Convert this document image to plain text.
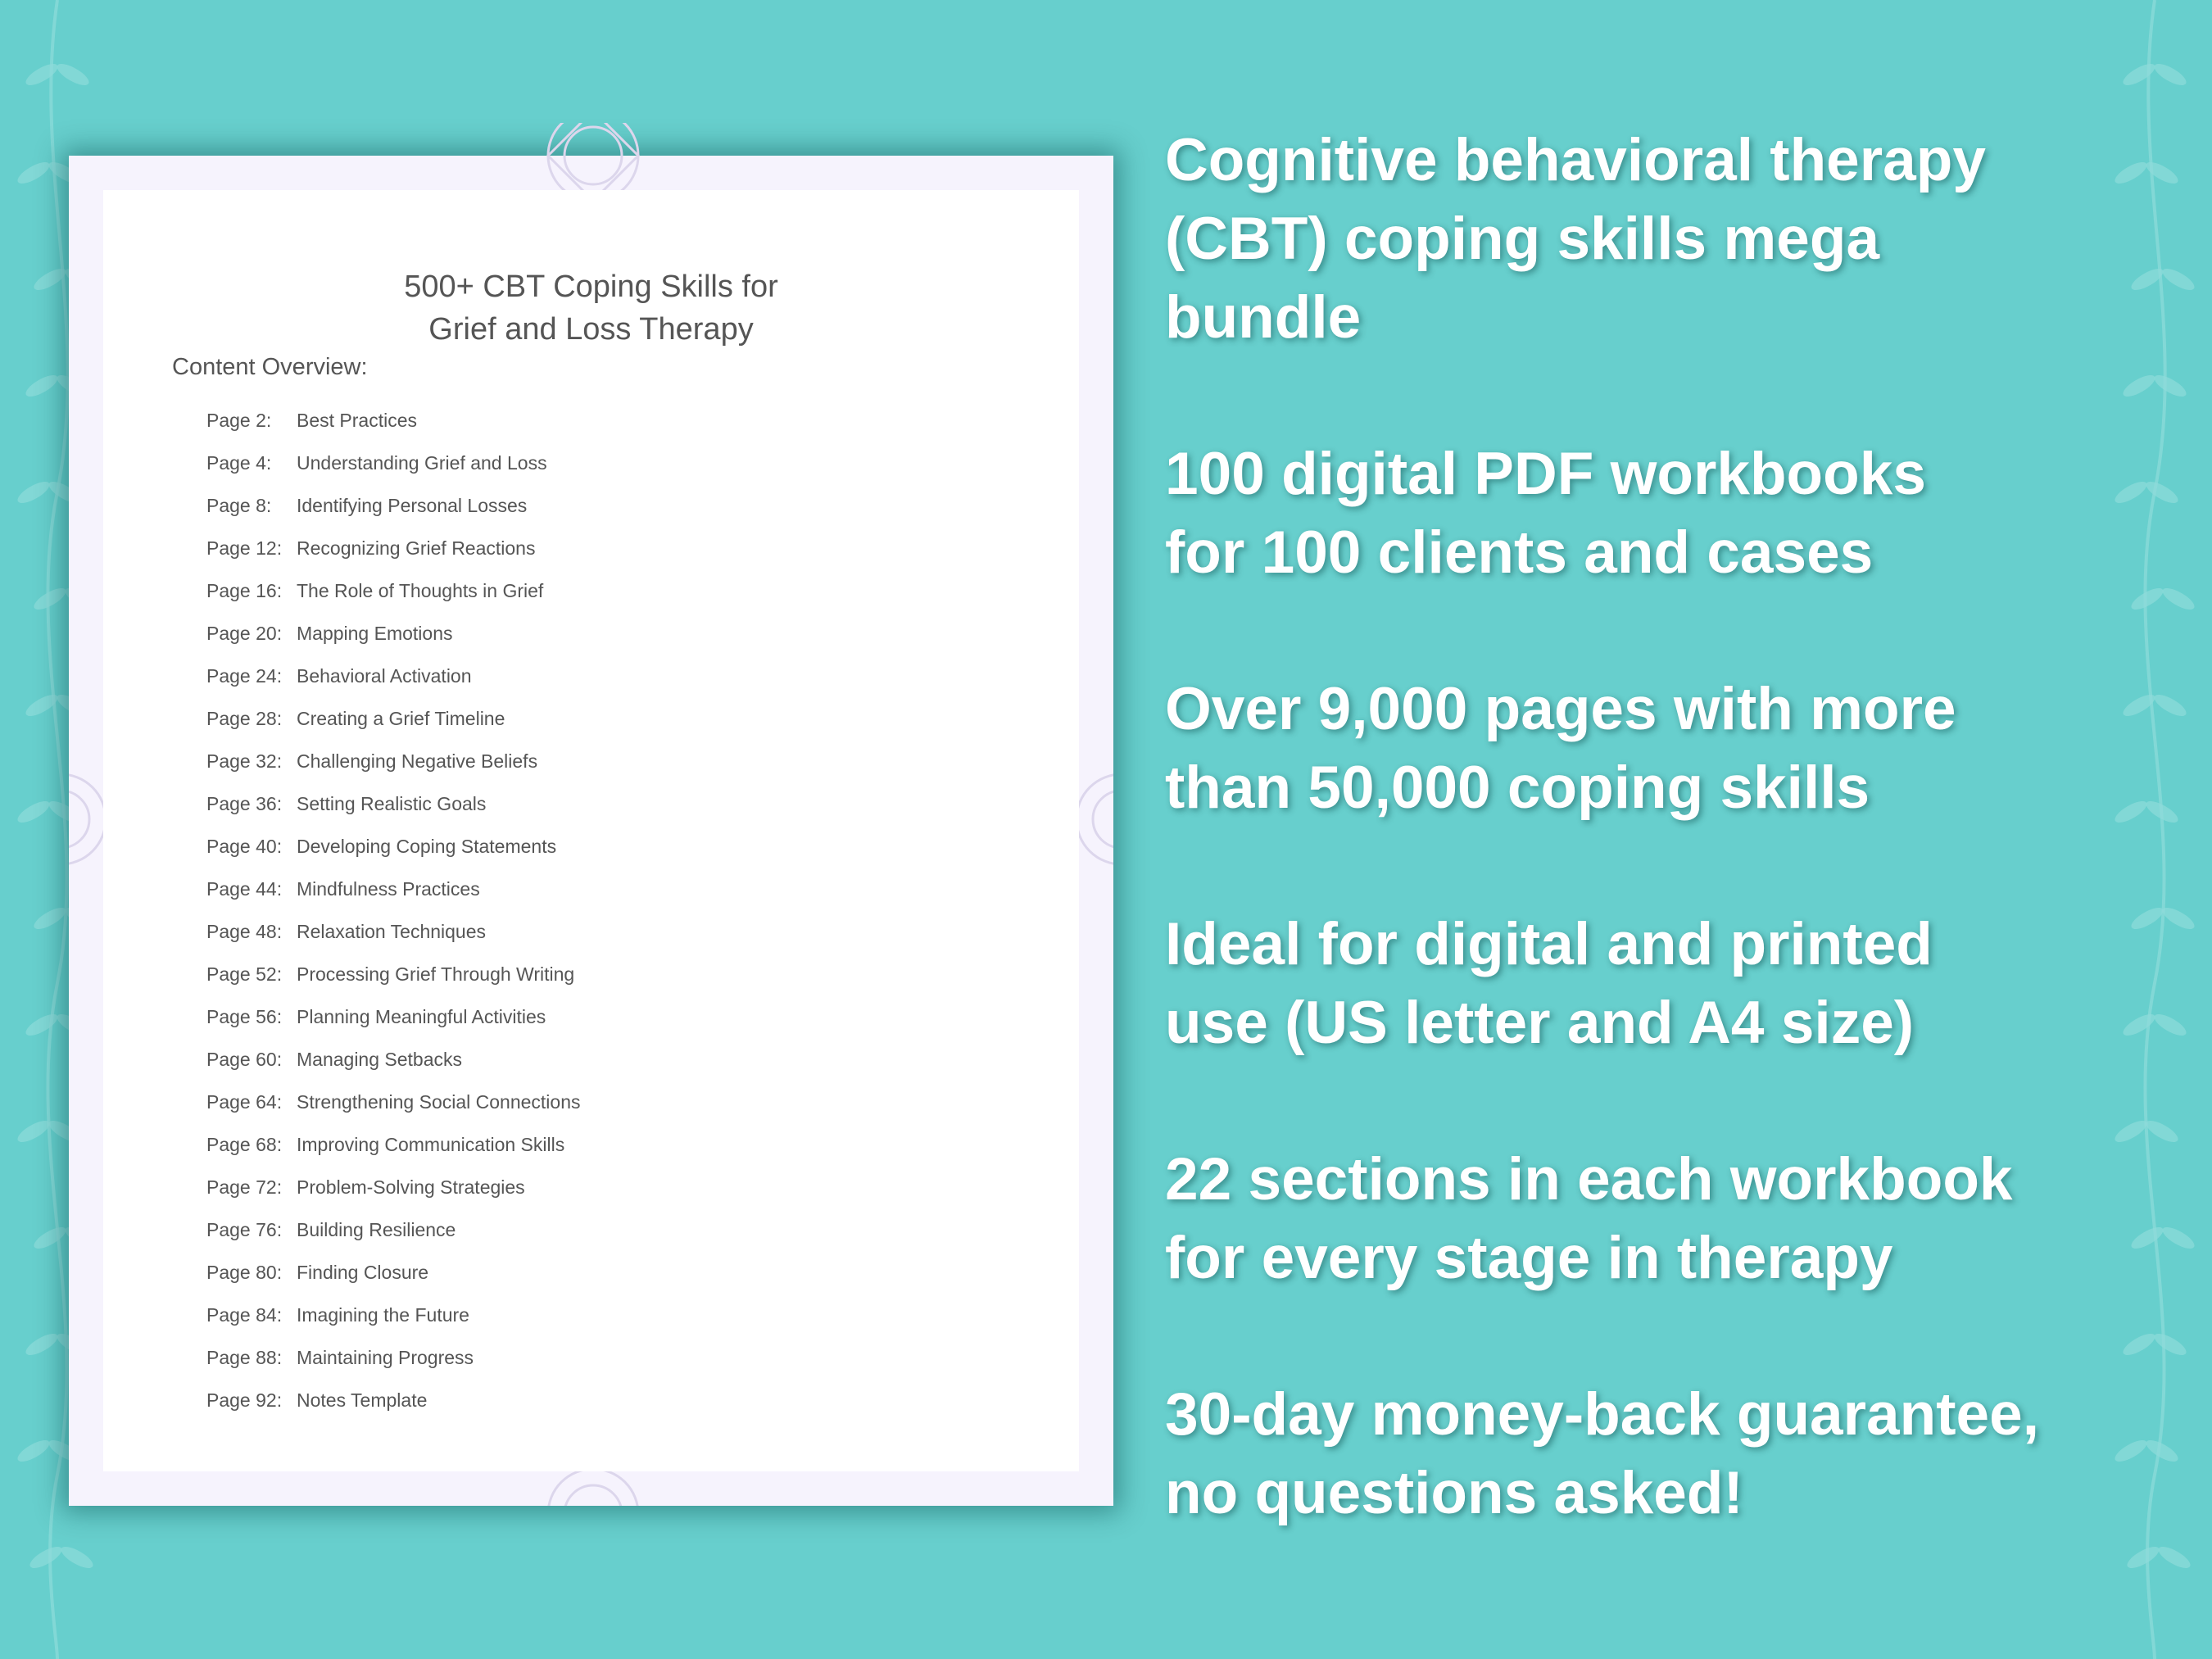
500+ CBT Coping Skills for
Grief and Loss Therapy
Content Overview:
Page 2: Best Practices
Page 4: Understanding Grief and Loss
Page 8: Identifying Personal Losses
Page 12: Recognizing Grief Reactions
Page 16: The Role of Thoughts in Grief
Page 20: Mapping Emotions
Page 24: Behavioral Activation
Page 28: Creating a Grief Timeline
Page 32: Challenging Negative Beliefs
Page 36: Setting Realistic Goals
Page 40: Developing Coping Statements
Page 44: Mindfulness Practices
Page 48: Relaxation Techniques
Page 52: Processing Grief Through Writing
Page 56: Planning Meaningful Activities
Page 60: Managing Setbacks
Page 64: Strengthening Social Connections
Page 68: Improving Communication Skills
Page 72: Problem-Solving Strategies
Page 76: Building Resilience
Page 80: Finding Closure
Page 84: Imagining the Future
Page 88: Maintaining Progress
Page 92: Notes Template
Cognitive behavioral therapy
(CBT) coping skills mega
bundle
100 digital PDF workbooks
for 100 clients and cases
Over 9,000 pages with more
than 50,000 coping skills
Ideal for digital and printed
use (US letter and A4 size)
22 sections in each workbook
for every stage in therapy
30-day money-back guarantee,
no questions asked!
